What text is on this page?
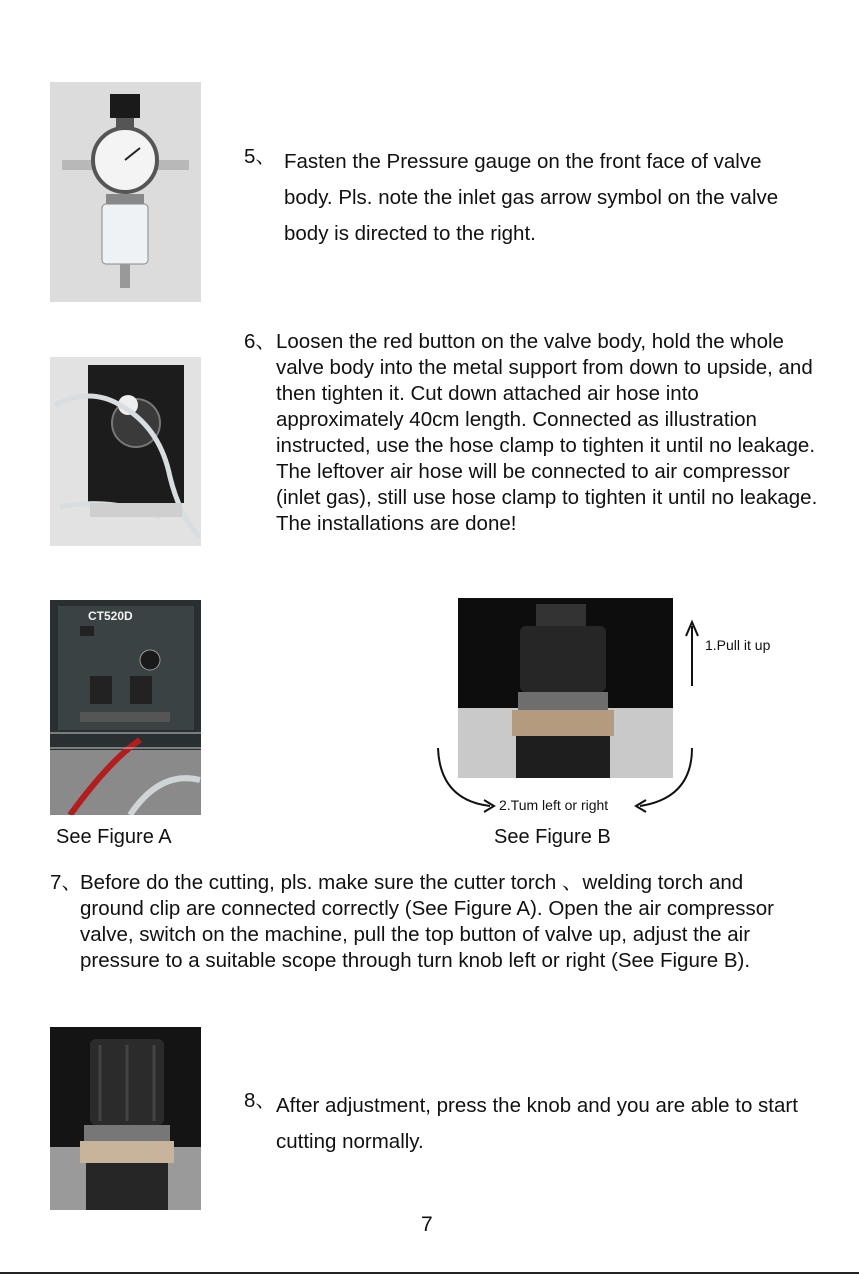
5、 Fasten the Pressure gauge on the front face of valve body. Pls. note the inlet gas arrow symbol on the valve body is directed to the right.
6、 Loosen the red button on the valve body, hold the whole valve body into the metal support from down to upside, and then tighten it. Cut down attached air hose into approximately 40cm length. Connected as illustration instructed, use the hose clamp to tighten it until no leakage. The leftover air hose will be connected to air compressor (inlet gas), still use hose clamp to tighten it until no leakage. The installations are done!
CT520D
1.Pull it up
2.Tum left or right
See Figure A	See Figure B
7、
Before do the cutting, pls. make sure the cutter torch 、welding torch and ground clip are connected correctly (See Figure A). Open the air compressor valve, switch on the machine, pull the top button of valve up, adjust the air pressure to a suitable scope through turn knob left or right (See Figure B).
8、 After adjustment, press the knob and you are able to start cutting normally.
7
